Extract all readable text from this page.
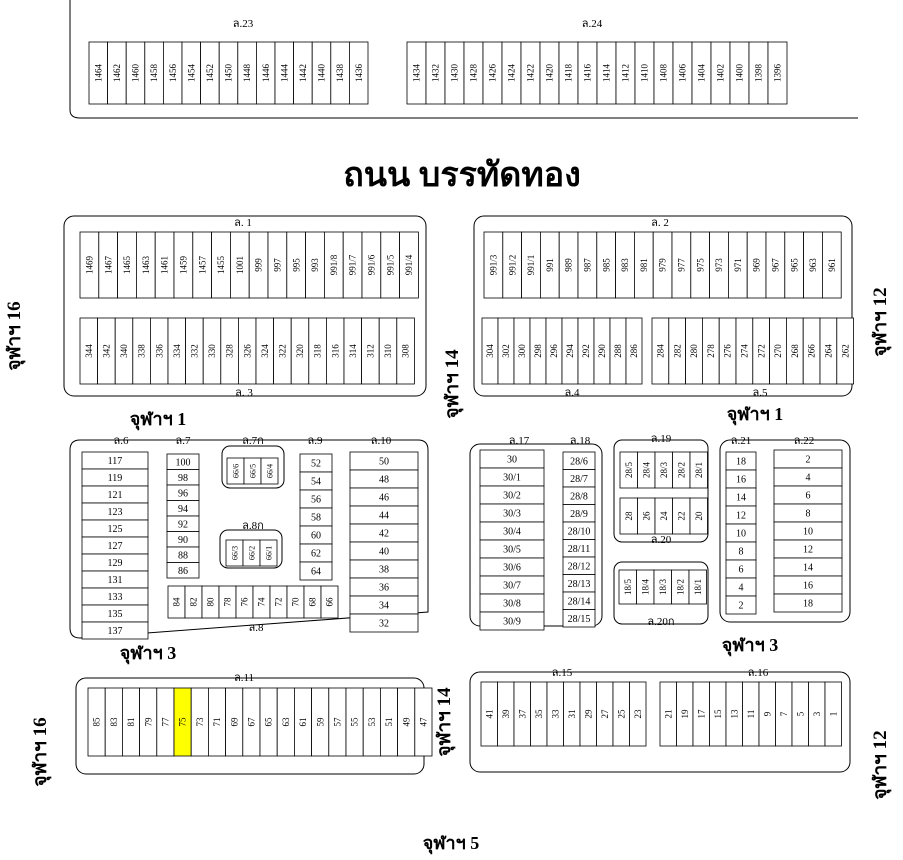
1464 1462 1460 1458 1456 1454 1452 1450 1448 1446 1444 1442 1440 1438 1436	1434 1432 1430 1428 1426 1424 1422 1420 1418 1416 1414 1412 1410 1408 1406 1404 1402 1400 1398 1396
1469 1467 1465 1463 1461 1459 1457 1455 1001 999 997 995 993 991/8 991/7 991/6 991/5 991/4
344 342 340 338 336 334 332 330 328 326 324 322 320 318 316 314 312 310 308
991/3 991/2 991/1 991 989 987 985 983 981 979 977 975 973 971 969 967 965 963 961
304 302 300 298 296 294 292 290 288 286 284 282 280 278 276 274 272 270 268 266 264 262
117
119
121
123
125
127
129
131
133
135
137
100
98
96
94
92
90
88
86
66/6 66/5 66/4
66/3 66/2 66/1
52
54
56
58
60
62
64
50
48
46
44
42
40
38
36
34
32
84 82 80 78 76 74 72 70 68 66
30
30/1
30/2
30/3
30/4
30/5
30/6
30/7
30/8
30/9
28/6
28/7
28/8
28/9
28/10
28/11
28/12
28/13
28/14
28/15
28/5 28/4 28/3 28/2 28/1
28 26 24 22 20
18/5 18/4 18/3 18/2 18/1
18
16
14
12
10
8
6
4
2
2
4
6
8
10
12
14
16
18
85 83 81 79 77 75 73 71 69 67 65 63 61 59 57 55 53 51 49 47
41 39 37 35 33 31 29 27 25 23 21 19 17 15 13 11 9 7 5 3 1
ถนน บรรทัดทอง
จุฬาฯ 16	จุฬาฯ 12
จุฬาฯ 14
จุฬาฯ 1	จุฬาฯ 1
จุฬาฯ 3	จุฬาฯ 3
จุฬาฯ 16	จุฬาฯ 14
จุฬาฯ 12
จุฬาฯ 5
ล.23	ล.24
ล. 1	ล. 2
ล. 3	ล.4	ล.5
ล.6	ล.7	ล.7ก
ล.8ก
ล.8
ล.9	ล.10
ล.11	ล.15	ล.16
ล.17	ล.18	ล.19
ล.20
ล.20ก
ล.21	ล.22
